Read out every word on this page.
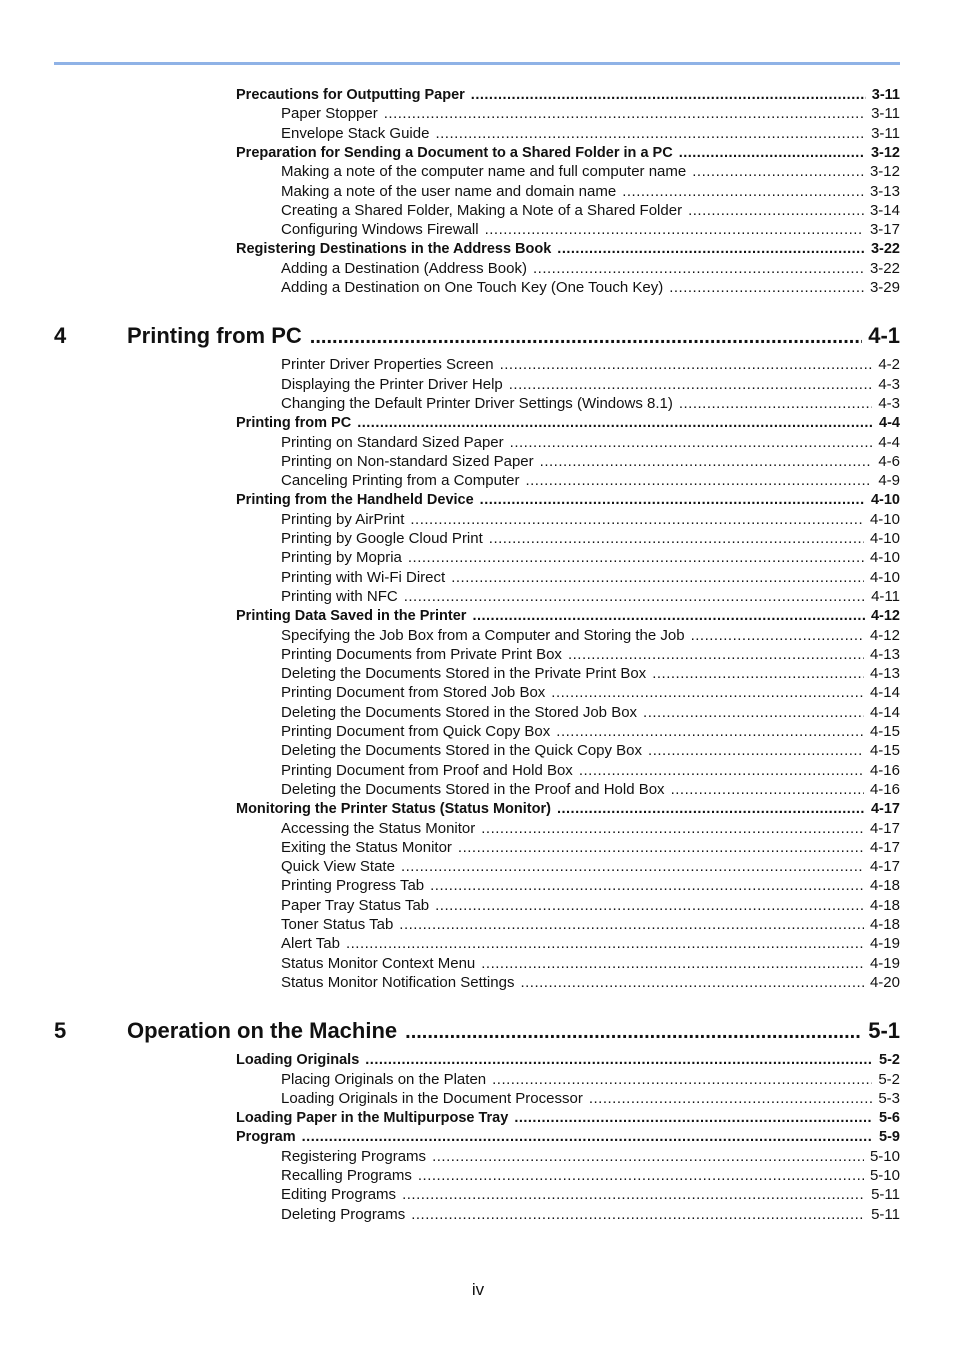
Precautions for Outputting Paper .....	3-11
Paper Stopper .....	3-11
Envelope Stack Guide .....	3-11
Preparation for Sending a Document to a Shared Folder in a PC .....	3-12
Making a note of the computer name and full computer name .....	3-12
Making a note of the user name and domain name .....	3-13
Creating a Shared Folder, Making a Note of a Shared Folder .....	3-14
Configuring Windows Firewall .....	3-17
Registering Destinations in the Address Book .....	3-22
Adding a Destination (Address Book) .....	3-22
Adding a Destination on One Touch Key (One Touch Key) .....	3-29
4	Printing from PC .....	4-1
Printer Driver Properties Screen .....	4-2
Displaying the Printer Driver Help .....	4-3
Changing the Default Printer Driver Settings (Windows 8.1) .....	4-3
Printing from PC .....	4-4
Printing on Standard Sized Paper .....	4-4
Printing on Non-standard Sized Paper .....	4-6
Canceling Printing from a Computer .....	4-9
Printing from the Handheld Device .....	4-10
Printing by AirPrint .....	4-10
Printing by Google Cloud Print .....	4-10
Printing by Mopria .....	4-10
Printing with Wi-Fi Direct .....	4-10
Printing with NFC .....	4-11
Printing Data Saved in the Printer .....	4-12
Specifying the Job Box from a Computer and Storing the Job .....	4-12
Printing Documents from Private Print Box .....	4-13
Deleting the Documents Stored in the Private Print Box .....	4-13
Printing Document from Stored Job Box .....	4-14
Deleting the Documents Stored in the Stored Job Box .....	4-14
Printing Document from Quick Copy Box .....	4-15
Deleting the Documents Stored in the Quick Copy Box .....	4-15
Printing Document from Proof and Hold Box .....	4-16
Deleting the Documents Stored in the Proof and Hold Box .....	4-16
Monitoring the Printer Status (Status Monitor) .....	4-17
Accessing the Status Monitor .....	4-17
Exiting the Status Monitor .....	4-17
Quick View State .....	4-17
Printing Progress Tab .....	4-18
Paper Tray Status Tab .....	4-18
Toner Status Tab .....	4-18
Alert Tab .....	4-19
Status Monitor Context Menu .....	4-19
Status Monitor Notification Settings .....	4-20
5	Operation on the Machine .....	5-1
Loading Originals .....	5-2
Placing Originals on the Platen .....	5-2
Loading Originals in the Document Processor .....	5-3
Loading Paper in the Multipurpose Tray .....	5-6
Program .....	5-9
Registering Programs .....	5-10
Recalling Programs .....	5-10
Editing Programs .....	5-11
Deleting Programs .....	5-11
iv
